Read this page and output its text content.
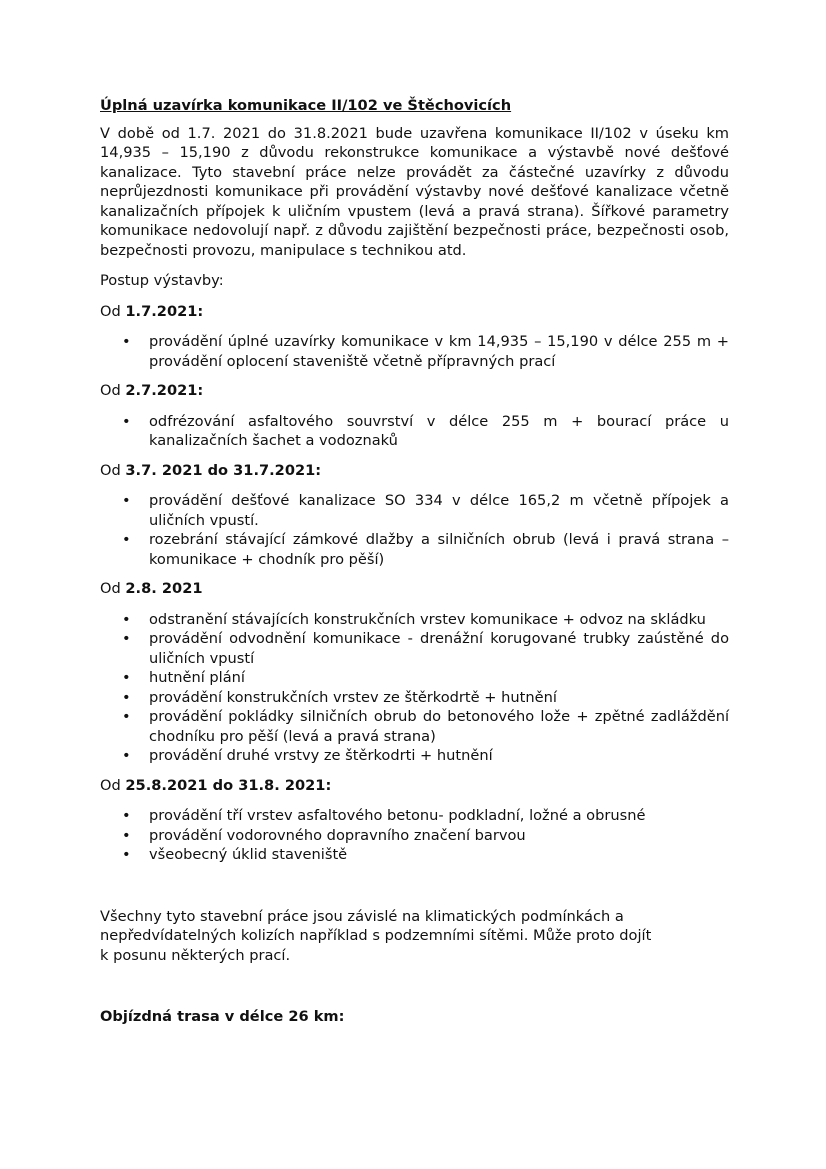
Úplná uzavírka komunikace II/102 ve Štěchovicích

V době od 1.7. 2021 do 31.8.2021 bude uzavřena komunikace II/102 v úseku km 14,935 – 15,190 z důvodu rekonstrukce komunikace a výstavbě nové dešťové kanalizace. Tyto stavební práce nelze provádět za částečné uzavírky z důvodu neprůjezdnosti komunikace při provádění výstavby nové dešťové kanalizace včetně kanalizačních přípojek k uličním vpustem (levá a pravá strana). Šířkové parametry komunikace nedovolují např. z důvodu zajištění bezpečnosti práce, bezpečnosti osob, bezpečnosti provozu, manipulace s technikou atd.

Postup výstavby:

Od 1.7.2021:

• provádění úplné uzavírky komunikace v km 14,935 – 15,190 v délce 255 m + provádění oplocení staveniště včetně přípravných prací

Od 2.7.2021:

• odfrézování asfaltového souvrství v délce 255 m + bourací práce u kanalizačních šachet a vodoznaků

Od 3.7. 2021 do 31.7.2021:

• provádění dešťové kanalizace SO 334 v délce 165,2 m včetně přípojek a uličních vpustí.
• rozebrání stávající zámkové dlažby a silničních obrub (levá i pravá strana – komunikace + chodník pro pěší)

Od 2.8. 2021

• odstranění stávajících konstrukčních vrstev komunikace + odvoz na skládku
• provádění odvodnění komunikace - drenážní korugované trubky zaústěné do uličních vpustí
• hutnění plání
• provádění konstrukčních vrstev ze štěrkodrtě + hutnění
• provádění pokládky silničních obrub do betonového lože + zpětné zadláždění chodníku pro pěší (levá a pravá strana)
• provádění druhé vrstvy ze štěrkodrti + hutnění

Od 25.8.2021 do 31.8. 2021:

• provádění tří vrstev asfaltového betonu- podkladní, ložné a obrusné
• provádění vodorovného dopravního značení barvou
• všeobecný úklid staveniště

Všechny tyto stavební práce jsou závislé na klimatických podmínkách a
nepředvídatelných kolizích například s podzemními sítěmi. Může proto dojít
k posunu některých prací.

Objízdná trasa v délce 26 km:
